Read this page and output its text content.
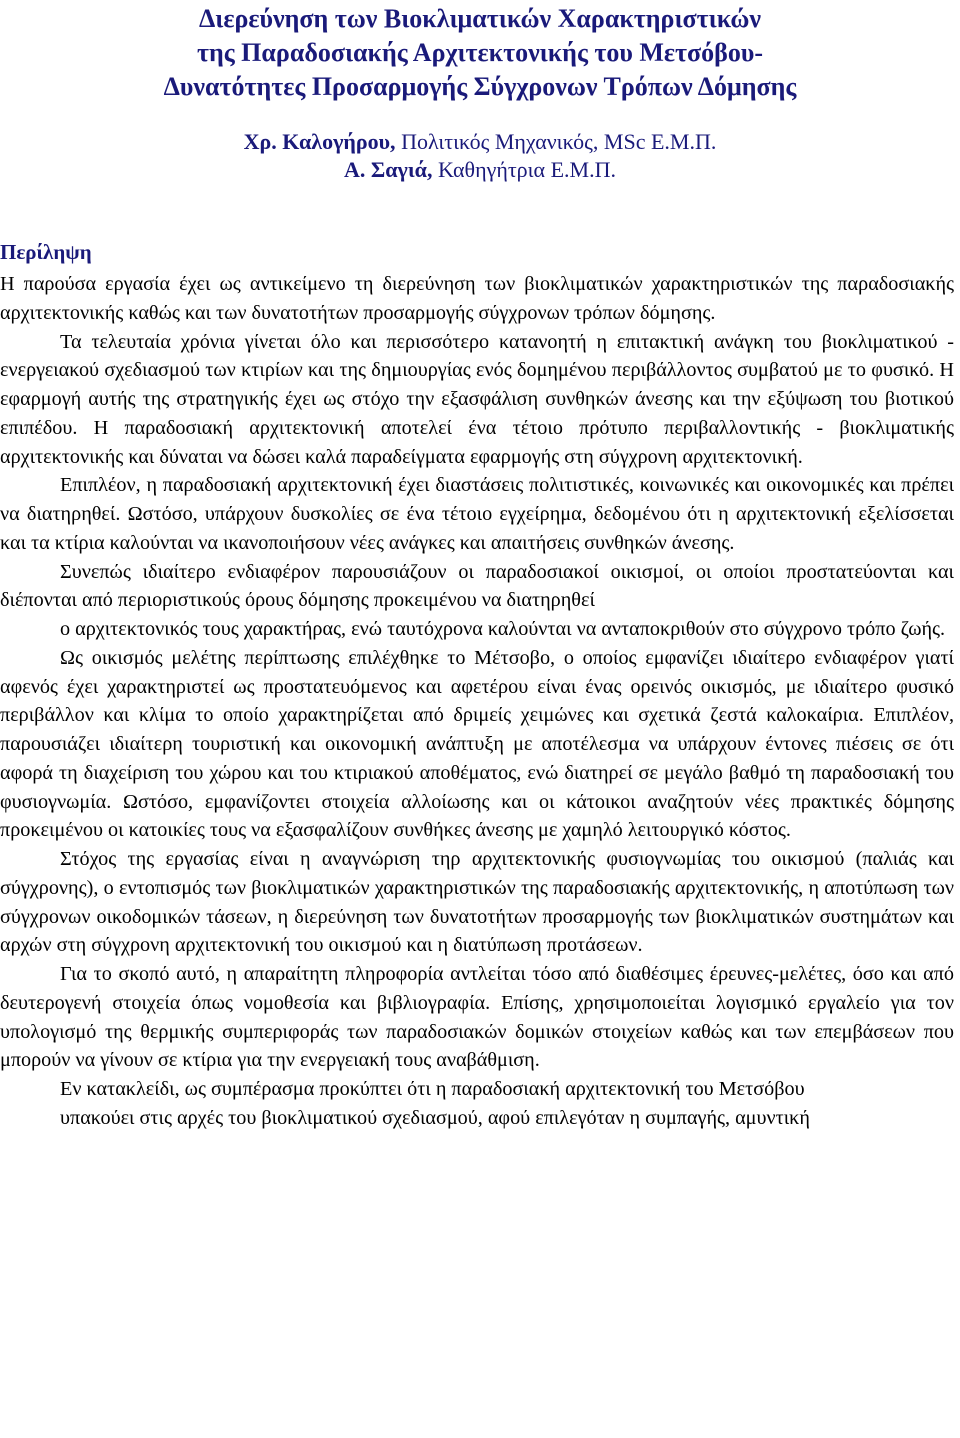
Διερεύνηση των Βιοκλιματικών Χαρακτηριστικών
της Παραδοσιακής Αρχιτεκτονικής του Μετσόβου-
Δυνατότητες Προσαρμογής Σύγχρονων Τρόπων Δόμησης
Χρ. Καλογήρου, Πολιτικός Μηχανικός, MSc Ε.Μ.Π.
Α. Σαγιά, Καθηγήτρια Ε.Μ.Π.
Περίληψη

Η παρούσα εργασία έχει ως αντικείμενο τη διερεύνηση των βιοκλιματικών χαρακτηριστικών της παραδοσιακής αρχιτεκτονικής καθώς και των δυνατοτήτων προσαρμογής σύγχρονων τρόπων δόμησης.

Τα τελευταία χρόνια γίνεται όλο και περισσότερο κατανοητή η επιτακτική ανάγκη του βιοκλιματικού - ενεργειακού σχεδιασμού των κτιρίων και της δημιουργίας ενός δομημένου περιβάλλοντος συμβατού με το φυσικό. Η εφαρμογή αυτής της στρατηγικής έχει ως στόχο την εξασφάλιση συνθηκών άνεσης και την εξύψωση του βιοτικού επιπέδου. Η παραδοσιακή αρχιτεκτονική αποτελεί ένα τέτοιο πρότυπο περιβαλλοντικής - βιοκλιματικής αρχιτεκτονικής και δύναται να δώσει καλά παραδείγματα εφαρμογής στη σύγχρονη αρχιτεκτονική.

Επιπλέον, η παραδοσιακή αρχιτεκτονική έχει διαστάσεις πολιτιστικές, κοινωνικές και οικονομικές και πρέπει να διατηρηθεί. Ωστόσο, υπάρχουν δυσκολίες σε ένα τέτοιο εγχείρημα, δεδομένου ότι η αρχιτεκτονική εξελίσσεται και τα κτίρια καλούνται να ικανοποιήσουν νέες ανάγκες και απαιτήσεις συνθηκών άνεσης.

Συνεπώς ιδιαίτερο ενδιαφέρον παρουσιάζουν οι παραδοσιακοί οικισμοί, οι οποίοι προστατεύονται και διέπονται από περιοριστικούς όρους δόμησης προκειμένου να διατηρηθεί

ο αρχιτεκτονικός τους χαρακτήρας, ενώ ταυτόχρονα καλούνται να ανταποκριθούν στο σύγχρονο τρόπο ζωής.

Ως οικισμός μελέτης περίπτωσης επιλέχθηκε το Μέτσοβο, ο οποίος εμφανίζει ιδιαίτερο ενδιαφέρον γιατί αφενός έχει χαρακτηριστεί ως προστατευόμενος και αφετέρου είναι ένας ορεινός οικισμός, με ιδιαίτερο φυσικό περιβάλλον και κλίμα το οποίο χαρακτηρίζεται από δριμείς χειμώνες και σχετικά ζεστά καλοκαίρια. Επιπλέον, παρουσιάζει ιδιαίτερη τουριστική και οικονομική ανάπτυξη με αποτέλεσμα να υπάρχουν έντονες πιέσεις σε ότι αφορά τη διαχείριση του χώρου και του κτιριακού αποθέματος, ενώ διατηρεί σε μεγάλο βαθμό τη παραδοσιακή του φυσιογνωμία. Ωστόσο, εμφανίζοντει στοιχεία αλλοίωσης και οι κάτοικοι αναζητούν νέες πρακτικές δόμησης προκειμένου οι κατοικίες τους να εξασφαλίζουν συνθήκες άνεσης με χαμηλό λειτουργικό κόστος.

Στόχος της εργασίας είναι η αναγνώριση τηρ αρχιτεκτονικής φυσιογνωμίας του οικισμού (παλιάς και σύγχρονης), ο εντοπισμός των βιοκλιματικών χαρακτηριστικών της παραδοσιακής αρχιτεκτονικής, η αποτύπωση των σύγχρονων οικοδομικών τάσεων, η διερεύνηση των δυνατοτήτων προσαρμογής των βιοκλιματικών συστημάτων και αρχών στη σύγχρονη αρχιτεκτονική του οικισμού και η διατύπωση προτάσεων.

Για το σκοπό αυτό, η απαραίτητη πληροφορία αντλείται τόσο από διαθέσιμες έρευνες-μελέτες, όσο και από δευτερογενή στοιχεία όπως νομοθεσία και βιβλιογραφία. Επίσης, χρησιμοποιείται λογισμικό εργαλείο για τον υπολογισμό της θερμικής συμπεριφοράς των παραδοσιακών δομικών στοιχείων καθώς και των επεμβάσεων που μπορούν να γίνουν σε κτίρια για την ενεργειακή τους αναβάθμιση.

Εν κατακλείδι, ως συμπέρασμα προκύπτει ότι η παραδοσιακή αρχιτεκτονική του Μετσόβου

υπακούει στις αρχές του βιοκλιματικού σχεδιασμού, αφού επιλεγόταν η συμπαγής, αμυντική
